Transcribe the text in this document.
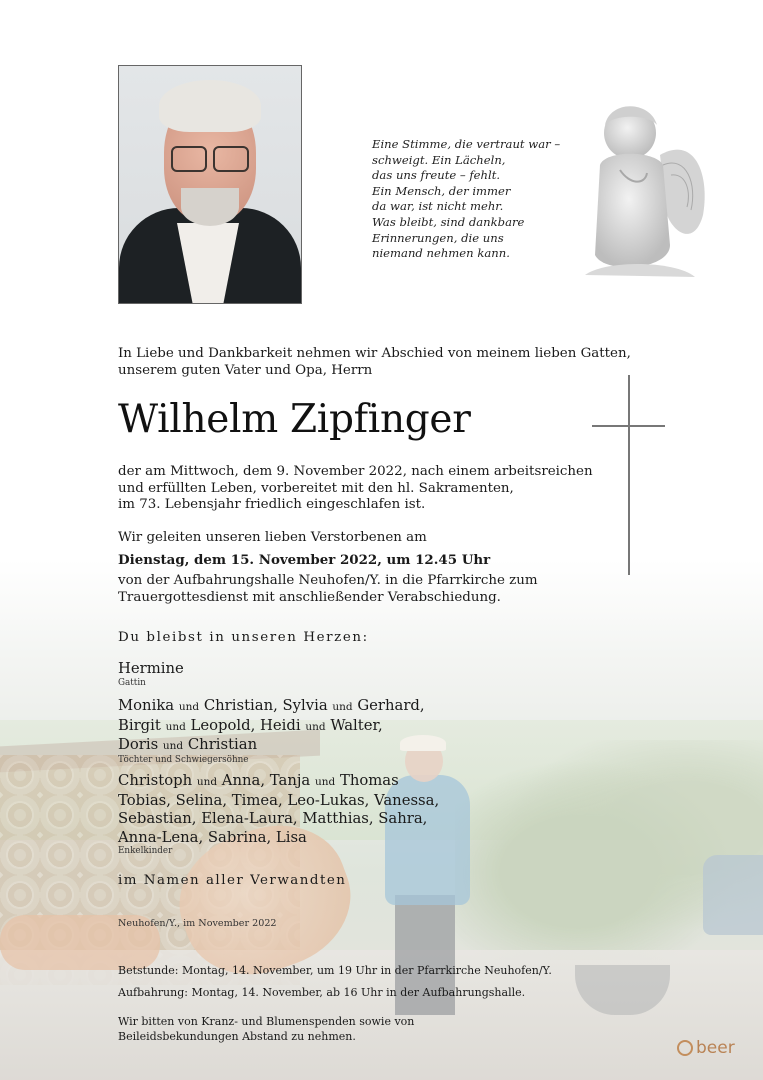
Eine Stimme, die vertraut war –
schweigt. Ein Lächeln,
das uns freute – fehlt.
Ein Mensch, der immer
da war, ist nicht mehr.
Was bleibt, sind dankbare
Erinnerungen, die uns
niemand nehmen kann.
In Liebe und Dankbarkeit nehmen wir Abschied von meinem lieben Gatten,
unserem guten Vater und Opa, Herrn
Wilhelm Zipfinger
der am Mittwoch, dem 9. November 2022, nach einem arbeitsreichen
und erfüllten Leben, vorbereitet mit den hl. Sakramenten,
im 73. Lebensjahr friedlich eingeschlafen ist.
Wir geleiten unseren lieben Verstorbenen am
Dienstag, dem 15. November 2022, um 12.45 Uhr
von der Aufbahrungshalle Neuhofen/Y. in die Pfarrkirche zum
Trauergottesdienst mit anschließender Verabschiedung.
Du bleibst in unseren Herzen:
Hermine
Gattin
Monika und Christian, Sylvia und Gerhard,
Birgit und Leopold, Heidi und Walter,
Doris und Christian
Töchter und Schwiegersöhne
Christoph und Anna, Tanja und Thomas
Tobias, Selina, Timea, Leo-Lukas, Vanessa,
Sebastian, Elena-Laura, Matthias, Sahra,
Anna-Lena, Sabrina, Lisa
Enkelkinder
im Namen aller Verwandten
Neuhofen/Y., im November 2022
Betstunde: Montag, 14. November, um 19 Uhr in der Pfarrkirche Neuhofen/Y.
Aufbahrung: Montag, 14. November, ab 16 Uhr in der Aufbahrungshalle.
Wir bitten von Kranz- und Blumenspenden sowie von
Beileidsbekundungen Abstand zu nehmen.
beer
